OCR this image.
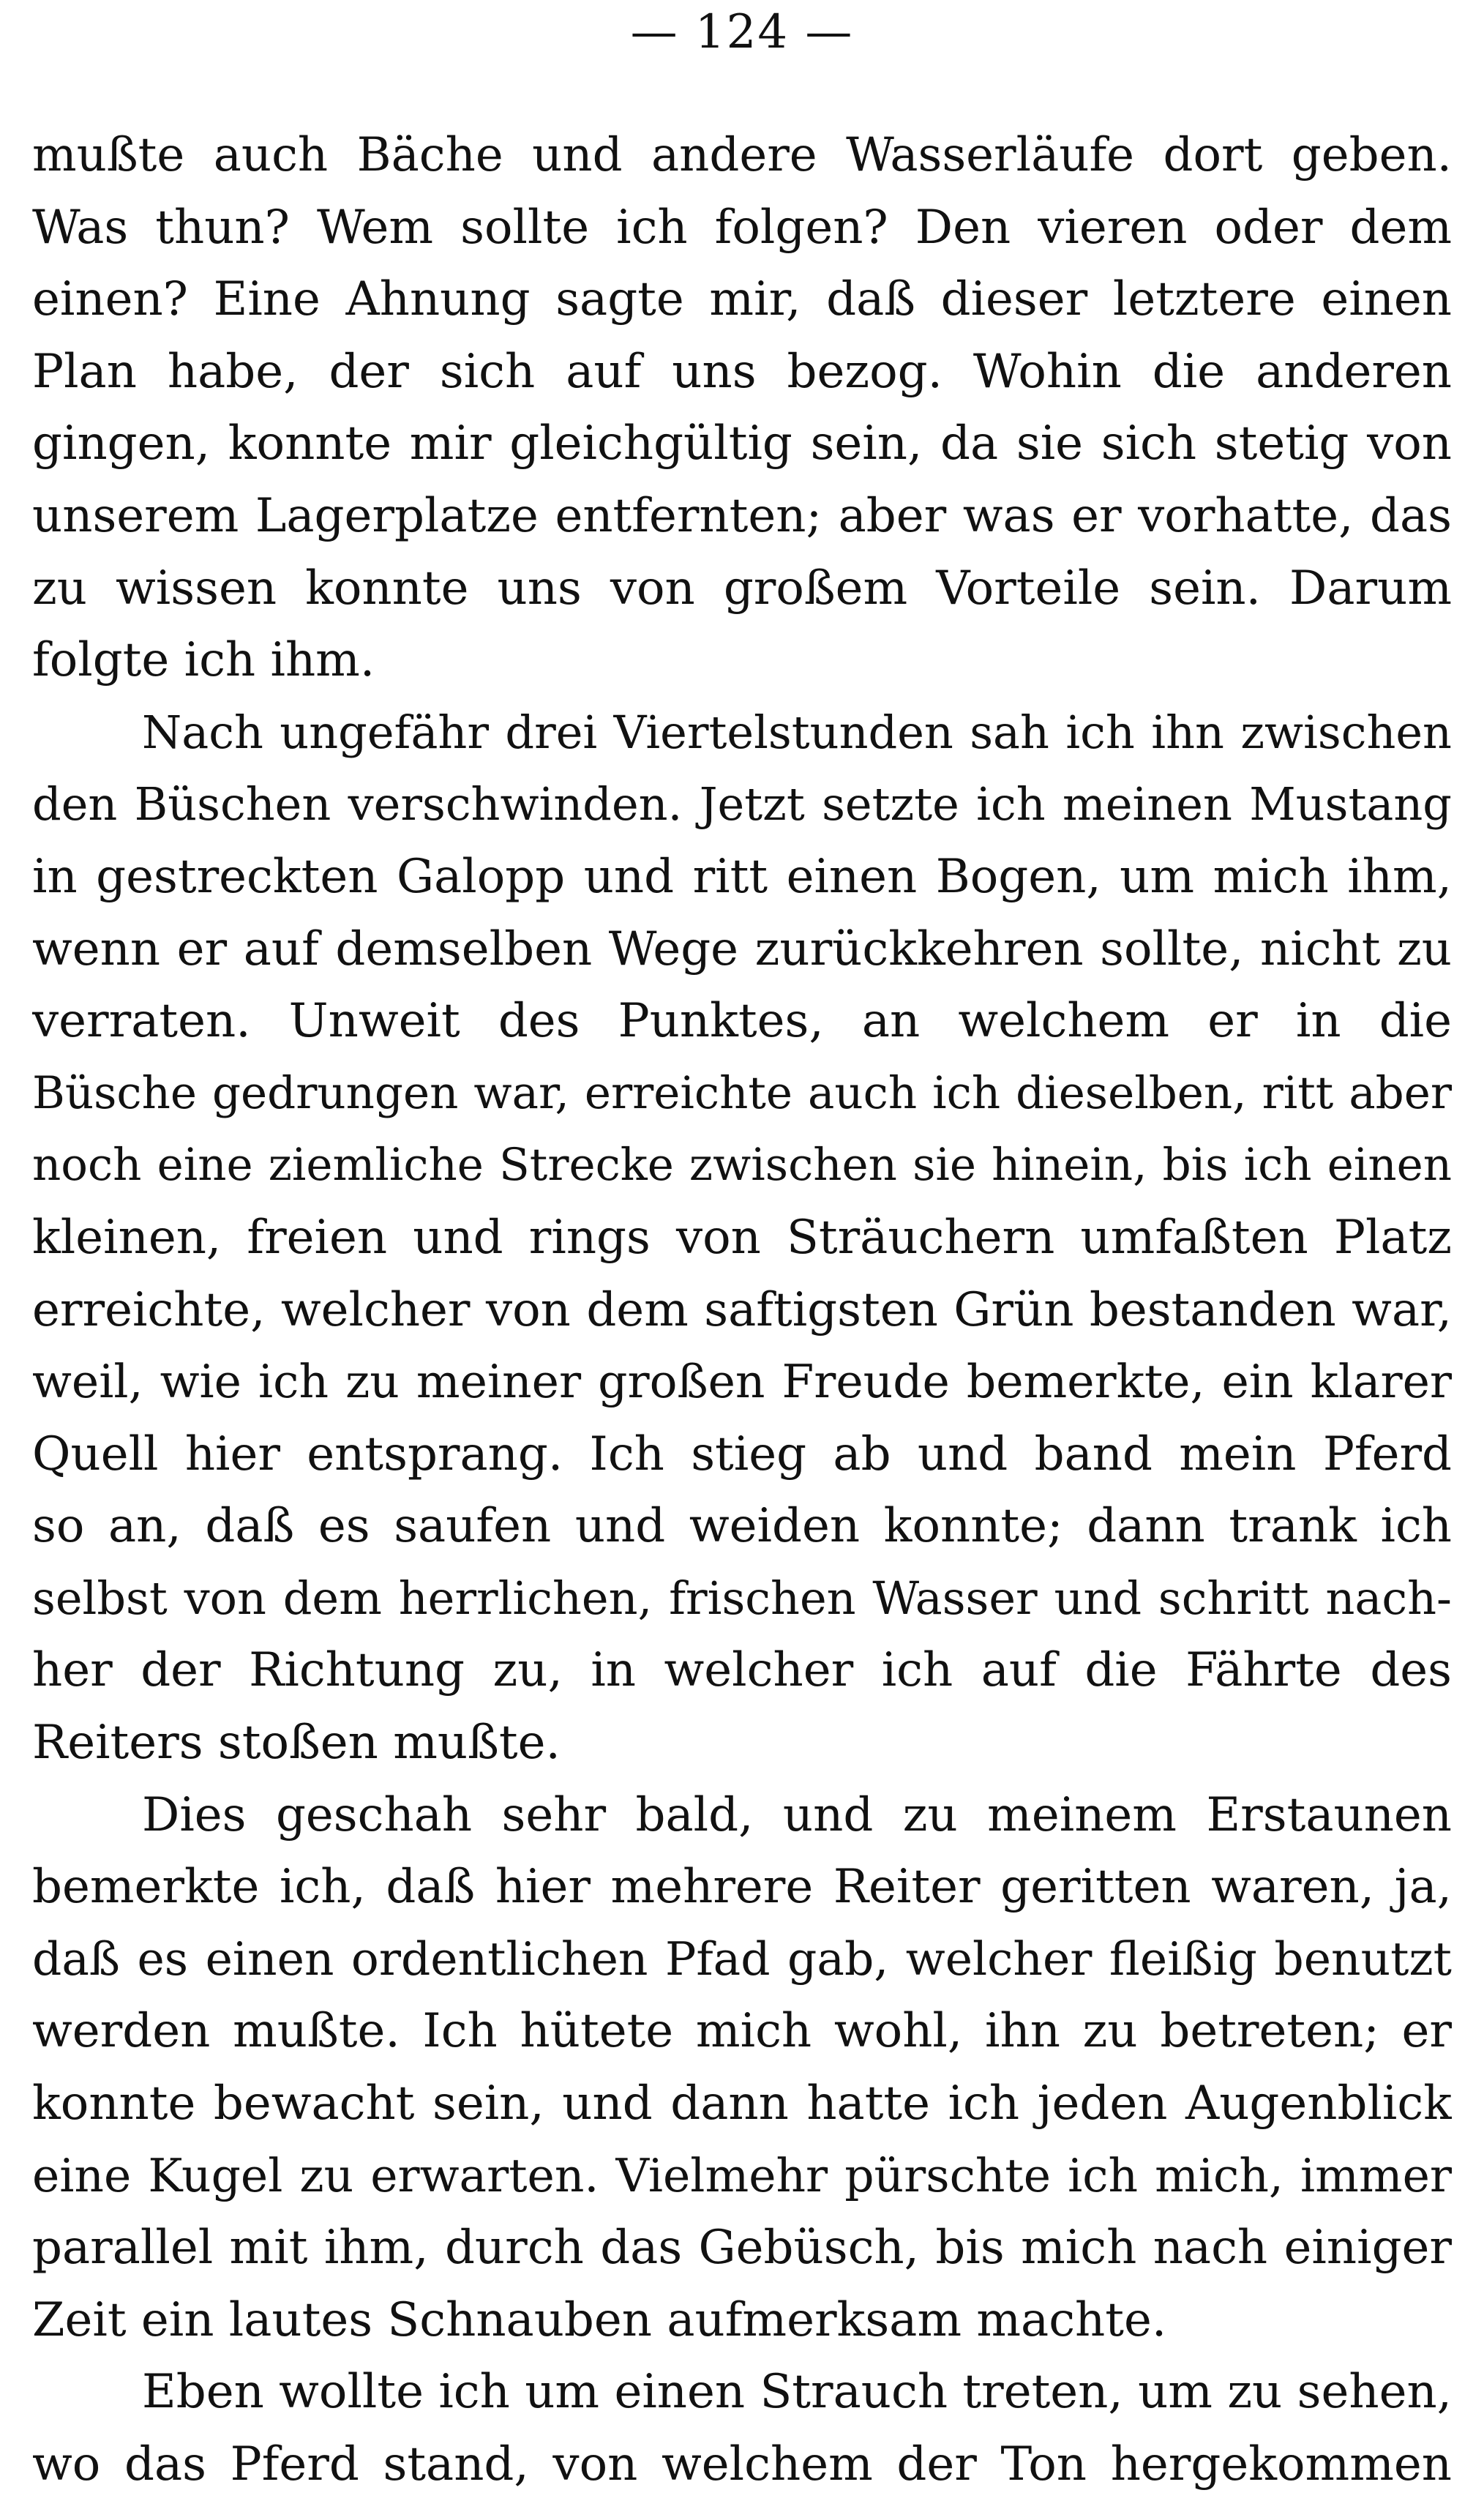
— 124 —
mußte auch Bäche und andere Wasserläufe dort geben.
Was thun? Wem sollte ich folgen? Den vieren oder dem
einen? Eine Ahnung sagte mir, daß dieser letztere einen
Plan habe, der sich auf uns bezog. Wohin die anderen
gingen, konnte mir gleichgültig sein, da sie sich stetig von
unserem Lagerplatze entfernten; aber was er vorhatte, das
zu wissen konnte uns von großem Vorteile sein. Darum
folgte ich ihm.
Nach ungefähr drei Viertelstunden sah ich ihn zwischen
den Büschen verschwinden. Jetzt setzte ich meinen Mustang
in gestreckten Galopp und ritt einen Bogen, um mich ihm,
wenn er auf demselben Wege zurückkehren sollte, nicht zu
verraten. Unweit des Punktes, an welchem er in die
Büsche gedrungen war, erreichte auch ich dieselben, ritt aber
noch eine ziemliche Strecke zwischen sie hinein, bis ich einen
kleinen, freien und rings von Sträuchern umfaßten Platz
erreichte, welcher von dem saftigsten Grün bestanden war,
weil, wie ich zu meiner großen Freude bemerkte, ein klarer
Quell hier entsprang. Ich stieg ab und band mein Pferd
so an, daß es saufen und weiden konnte; dann trank ich
selbst von dem herrlichen, frischen Wasser und schritt nach-
her der Richtung zu, in welcher ich auf die Fährte des
Reiters stoßen mußte.
Dies geschah sehr bald, und zu meinem Erstaunen
bemerkte ich, daß hier mehrere Reiter geritten waren, ja,
daß es einen ordentlichen Pfad gab, welcher fleißig benutzt
werden mußte. Ich hütete mich wohl, ihn zu betreten; er
konnte bewacht sein, und dann hatte ich jeden Augenblick
eine Kugel zu erwarten. Vielmehr pürschte ich mich, immer
parallel mit ihm, durch das Gebüsch, bis mich nach einiger
Zeit ein lautes Schnauben aufmerksam machte.
Eben wollte ich um einen Strauch treten, um zu sehen,
wo das Pferd stand, von welchem der Ton hergekommen
